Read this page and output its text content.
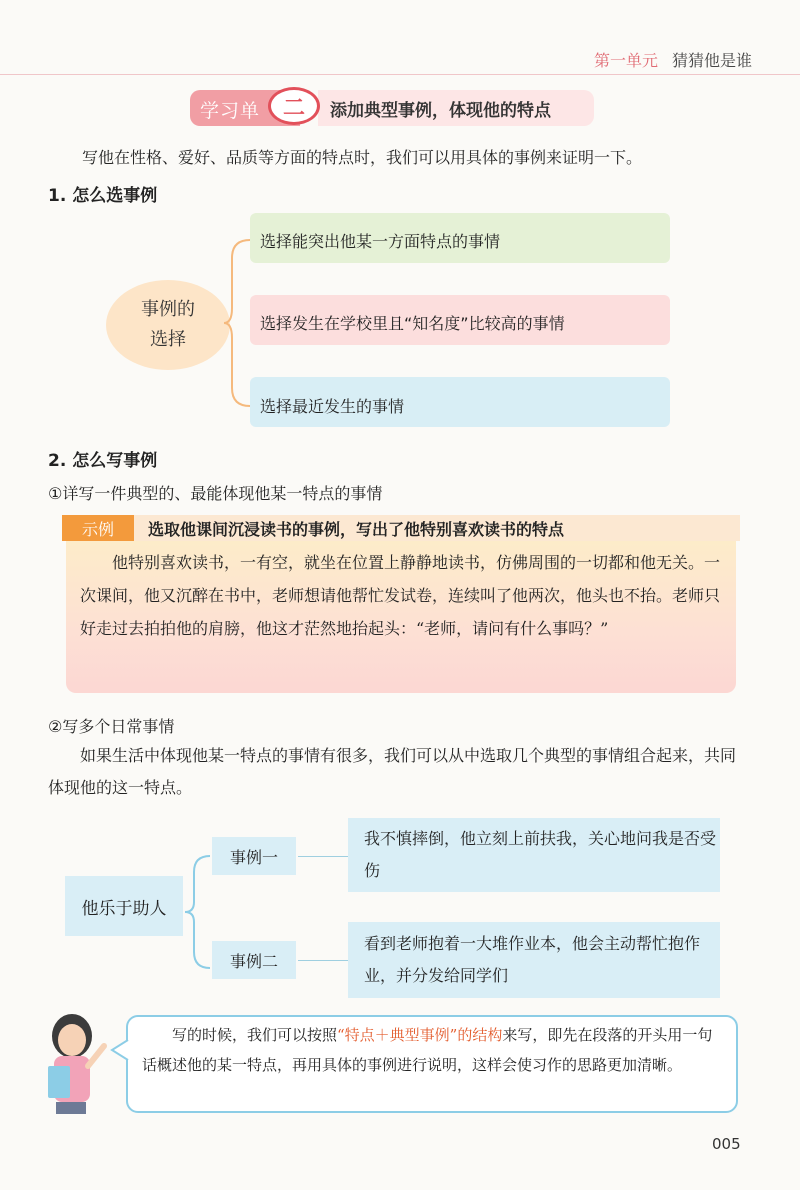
第一单元 猜猜他是谁
学习单	二	添加典型事例，体现他的特点
写他在性格、爱好、品质等方面的特点时，我们可以用具体的事例来证明一下。
1. 怎么选事例
事例的
选择
选择能突出他某一方面特点的事情
选择发生在学校里且“知名度”比较高的事情
选择最近发生的事情
2. 怎么写事例
①详写一件典型的、最能体现他某一特点的事情
示例	选取他课间沉浸读书的事例，写出了他特别喜欢读书的特点
他特别喜欢读书，一有空，就坐在位置上静静地读书，仿佛周围的一切都和他无关。一次课间，他又沉醉在书中，老师想请他帮忙发试卷，连续叫了他两次，他头也不抬。老师只好走过去拍拍他的肩膀，他这才茫然地抬起头：“老师，请问有什么事吗？”
②写多个日常事情
如果生活中体现他某一特点的事情有很多，我们可以从中选取几个典型的事情组合起来，共同体现他的这一特点。
他乐于助人
事例一
事例二
我不慎摔倒，他立刻上前扶我，关心地问我是否受伤
看到老师抱着一大堆作业本，他会主动帮忙抱作业，并分发给同学们
写的时候，我们可以按照“特点＋典型事例”的结构来写，即先在段落的开头用一句话概述他的某一特点，再用具体的事例进行说明，这样会使习作的思路更加清晰。
005
